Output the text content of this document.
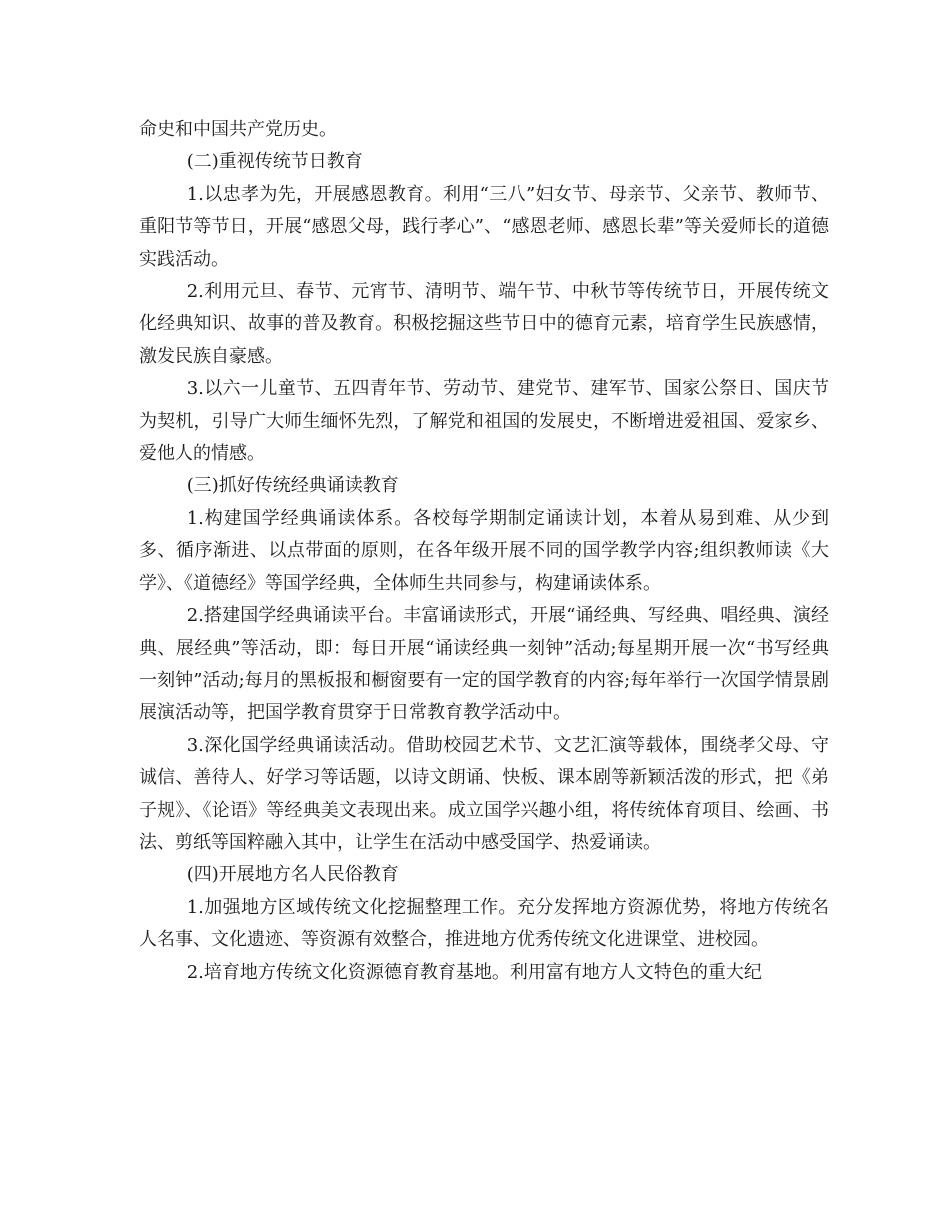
命史和中国共产党历史。

(二)重视传统节日教育

1.以忠孝为先，开展感恩教育。利用“三八”妇女节、母亲节、父亲节、教师节、重阳节等节日，开展“感恩父母，践行孝心”、“感恩老师、感恩长辈”等关爱师长的道德实践活动。

2.利用元旦、春节、元宵节、清明节、端午节、中秋节等传统节日，开展传统文化经典知识、故事的普及教育。积极挖掘这些节日中的德育元素，培育学生民族感情，激发民族自豪感。

3.以六一儿童节、五四青年节、劳动节、建党节、建军节、国家公祭日、国庆节为契机，引导广大师生缅怀先烈，了解党和祖国的发展史，不断增进爱祖国、爱家乡、爱他人的情感。

(三)抓好传统经典诵读教育

1.构建国学经典诵读体系。各校每学期制定诵读计划，本着从易到难、从少到多、循序渐进、以点带面的原则，在各年级开展不同的国学教学内容;组织教师读《大学》、《道德经》等国学经典，全体师生共同参与，构建诵读体系。

2.搭建国学经典诵读平台。丰富诵读形式，开展“诵经典、写经典、唱经典、演经典、展经典”等活动，即：每日开展“诵读经典一刻钟”活动;每星期开展一次“书写经典一刻钟”活动;每月的黑板报和橱窗要有一定的国学教育的内容;每年举行一次国学情景剧展演活动等，把国学教育贯穿于日常教育教学活动中。

3.深化国学经典诵读活动。借助校园艺术节、文艺汇演等载体，围绕孝父母、守诚信、善待人、好学习等话题，以诗文朗诵、快板、课本剧等新颖活泼的形式，把《弟子规》、《论语》等经典美文表现出来。成立国学兴趣小组，将传统体育项目、绘画、书法、剪纸等国粹融入其中，让学生在活动中感受国学、热爱诵读。

(四)开展地方名人民俗教育

1.加强地方区域传统文化挖掘整理工作。充分发挥地方资源优势，将地方传统名人名事、文化遗迹、等资源有效整合，推进地方优秀传统文化进课堂、进校园。

2.培育地方传统文化资源德育教育基地。利用富有地方人文特色的重大纪
